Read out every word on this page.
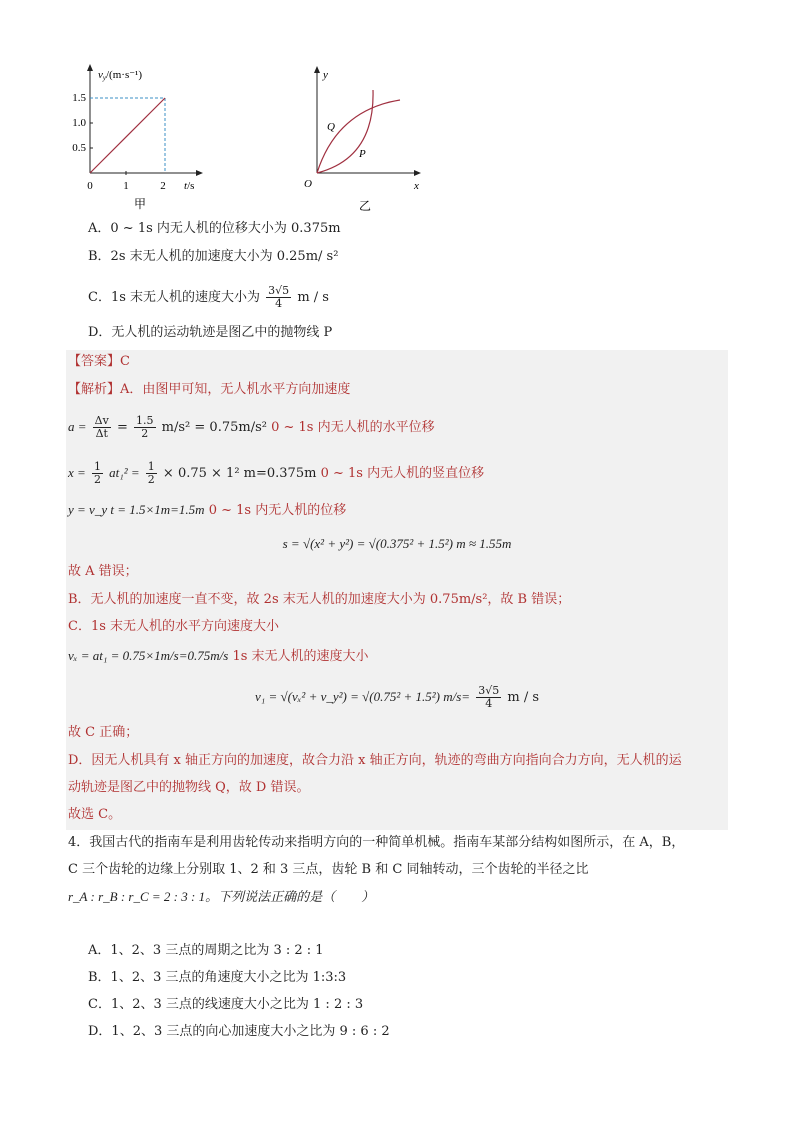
vy/(m·s⁻¹)
1.5
1.0
0.5
0	1	2 t/s
甲
y
x
O
Q
P
乙
A．0 ~ 1s 内无人机的位移大小为 0.375m
B．2s 末无人机的加速度大小为 0.25m/ s²
C．1s 末无人机的速度大小为 $\frac{3√5}{4}$ m / s
D．无人机的运动轨迹是图乙中的抛物线 P
【答案】C
【解析】A．由图甲可知，无人机水平方向加速度
$a = \frac{\Delta v}{\Delta t} = \frac{1.5}{2} m/s^2 = 0.75m/s^2$ 0 ~ 1s 内无人机的水平位移
$x = \frac{1}{2} at_1^2 = \frac{1}{2} \times 0.75 \times 1^2$ m=0.375m 0 ~ 1s 内无人机的竖直位移
y = v_y t = 1.5×1m=1.5m 0 ~ 1s 内无人机的位移
s = √(x² + y²) = √(0.375² + 1.5²) m ≈ 1.55m
故 A 错误；
B．无人机的加速度一直不变，故 2s 末无人机的加速度大小为 0.75m/s²，故 B 错误；
C．1s 末无人机的水平方向速度大小
vₓ = at₁ = 0.75×1m/s=0.75m/s 1s 末无人机的速度大小
v₁ = √(vₓ² + v_y²) = √(0.75² + 1.5²) $m/s= \frac{3√5}{4}$ m / s
故 C 正确；
D．因无人机具有 x 轴正方向的加速度，故合力沿 x 轴正方向，轨迹的弯曲方向指向合力方向，无人机的运
动轨迹是图乙中的抛物线 Q，故 D 错误。
故选 C。
4．我国古代的指南车是利用齿轮传动来指明方向的一种简单机械。指南车某部分结构如图所示，在 A，B，
C 三个齿轮的边缘上分别取 1、2 和 3 三点，齿轮 B 和 C 同轴转动，三个齿轮的半径之比
r_A : r_B : r_C = 2 : 3 : 1。下列说法正确的是（　　）
A．1、2、3 三点的周期之比为 3 : 2 : 1
B．1、2、3 三点的角速度大小之比为 1:3:3
C．1、2、3 三点的线速度大小之比为 1 : 2 : 3
D．1、2、3 三点的向心加速度大小之比为 9 : 6 : 2
